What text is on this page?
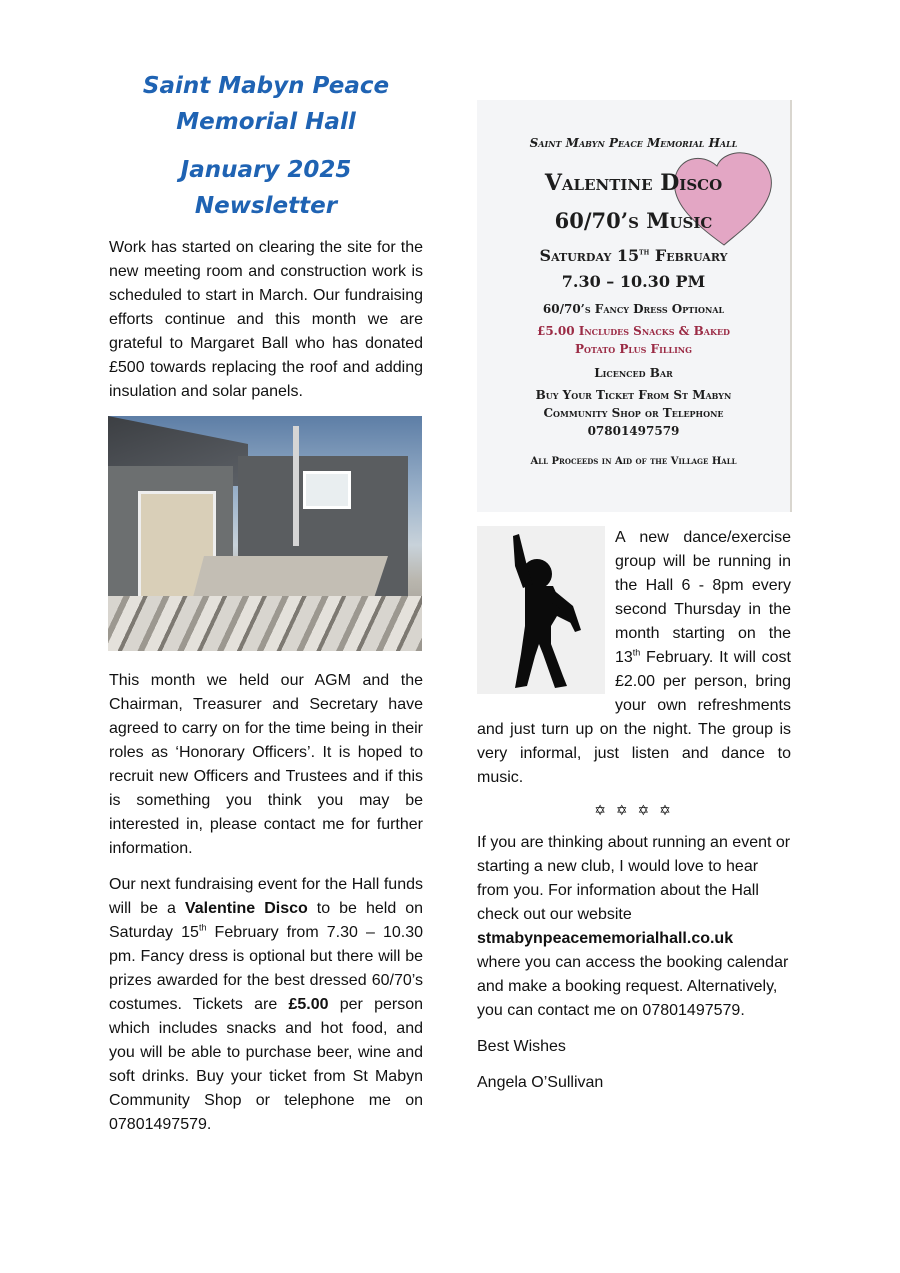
Saint Mabyn Peace
Memorial Hall
January 2025 Newsletter

Work has started on clearing the site for the new meeting room and construction work is scheduled to start in March. Our fundraising efforts continue and this month we are grateful to Margaret Ball who has donated £500 towards replacing the roof and adding insulation and solar panels.

This month we held our AGM and the Chairman, Treasurer and Secretary have agreed to carry on for the time being in their roles as ‘Honorary Officers’. It is hoped to recruit new Officers and Trustees and if this is something you think you may be interested in, please contact me for further information.

Our next fundraising event for the Hall funds will be a Valentine Disco to be held on Saturday 15th February from 7.30 – 10.30 pm. Fancy dress is optional but there will be prizes awarded for the best dressed 60/70’s costumes. Tickets are £5.00 per person which includes snacks and hot food, and you will be able to purchase beer, wine and soft drinks. Buy your ticket from St Mabyn Community Shop or telephone me on 07801497579.

Saint Mabyn Peace Memorial Hall
Valentine Disco
60/70’s Music
Saturday 15th February
7.30 – 10.30 PM
60/70’s Fancy Dress Optional
£5.00 Includes Snacks & Baked
Potato Plus Filling
Licenced Bar
Buy Your Ticket From St Mabyn
Community Shop or Telephone
07801497579
All Proceeds in Aid of the Village Hall

A new dance/exercise group will be running in the Hall 6 - 8pm every second Thursday in the month starting on the 13th February. It will cost £2.00 per person, bring your own refreshments and just turn up on the night. The group is very informal, just listen and dance to music.

✡ ✡ ✡ ✡

If you are thinking about running an event or starting a new club, I would love to hear from you. For information about the Hall check out our website
stmabynpeacememorialhall.co.uk
where you can access the booking calendar and make a booking request. Alternatively, you can contact me on 07801497579.

Best Wishes

Angela O’Sullivan
